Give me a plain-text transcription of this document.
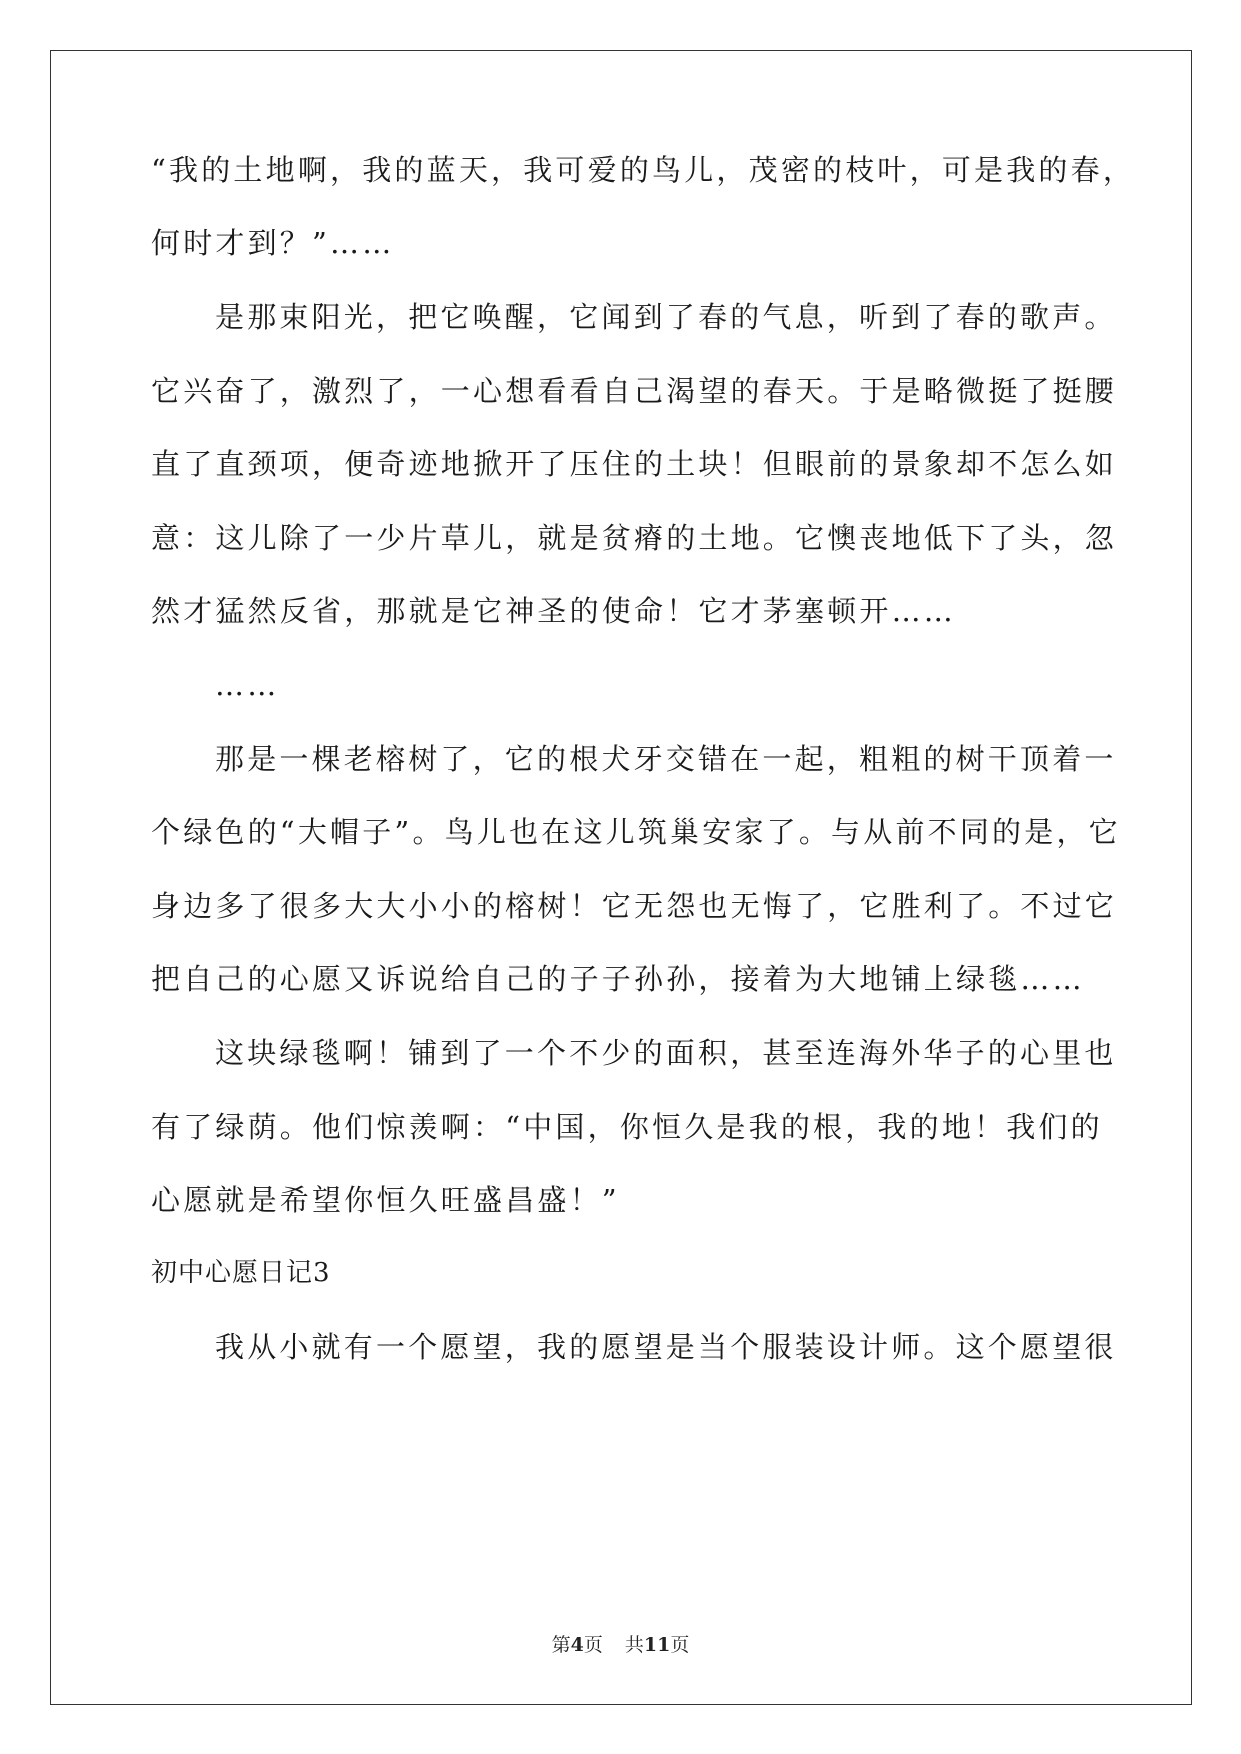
“我的土地啊，我的蓝天，我可爱的鸟儿，茂密的枝叶，可是我的春，
何时才到？”……
是那束阳光，把它唤醒，它闻到了春的气息，听到了春的歌声。
它兴奋了，激烈了，一心想看看自己渴望的春天。于是略微挺了挺腰
直了直颈项，便奇迹地掀开了压住的土块！但眼前的景象却不怎么如
意：这儿除了一少片草儿，就是贫瘠的土地。它懊丧地低下了头，忽
然才猛然反省，那就是它神圣的使命！它才茅塞顿开……
……
那是一棵老榕树了，它的根犬牙交错在一起，粗粗的树干顶着一
个绿色的“大帽子”。鸟儿也在这儿筑巢安家了。与从前不同的是，它
身边多了很多大大小小的榕树！它无怨也无悔了，它胜利了。不过它
把自己的心愿又诉说给自己的子子孙孙，接着为大地铺上绿毯……
这块绿毯啊！铺到了一个不少的面积，甚至连海外华子的心里也
有了绿荫。他们惊羡啊：“中国，你恒久是我的根，我的地！我们的
心愿就是希望你恒久旺盛昌盛！”
初中心愿日记3
我从小就有一个愿望，我的愿望是当个服装设计师。这个愿望很
第4页 共11页
